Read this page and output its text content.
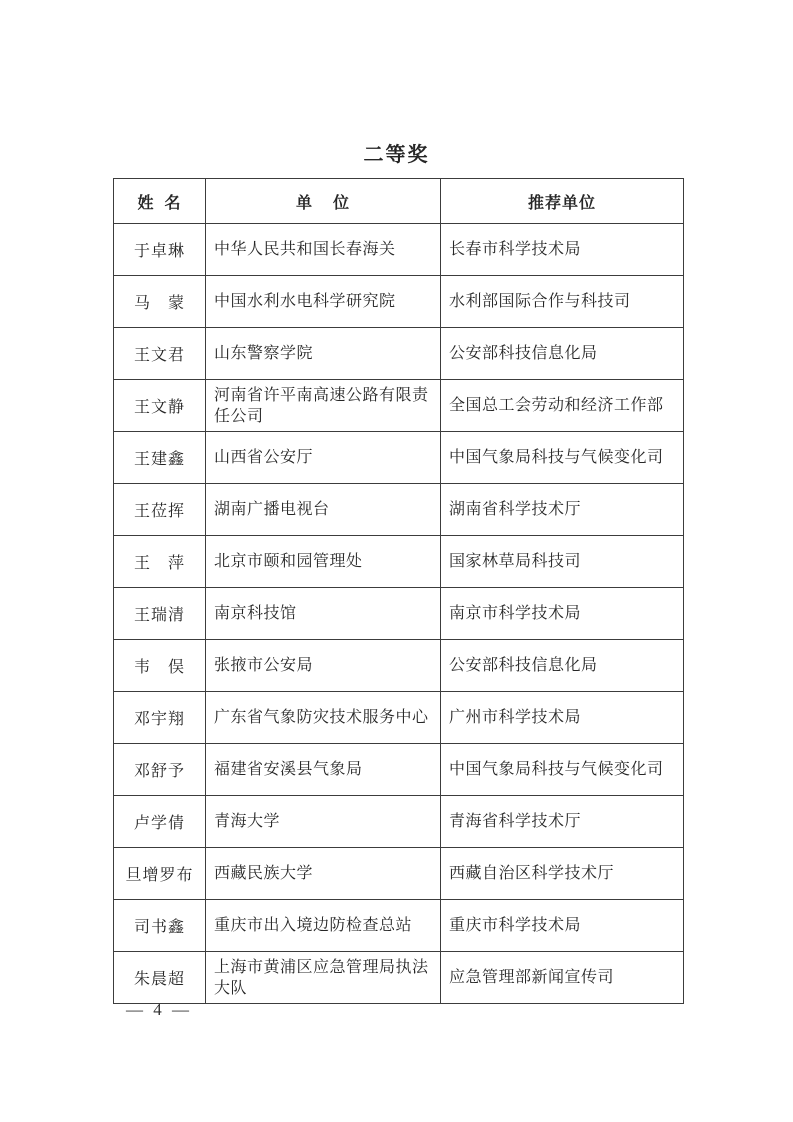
二等奖
姓  名	单    位	推荐单位
于卓琳	中华人民共和国长春海关	长春市科学技术局
马　蒙	中国水利水电科学研究院	水利部国际合作与科技司
王文君	山东警察学院	公安部科技信息化局
王文静	河南省许平南高速公路有限责任公司	全国总工会劳动和经济工作部
王建鑫	山西省公安厅	中国气象局科技与气候变化司
王莅挥	湖南广播电视台	湖南省科学技术厅
王　萍	北京市颐和园管理处	国家林草局科技司
王瑞清	南京科技馆	南京市科学技术局
韦　俣	张掖市公安局	公安部科技信息化局
邓宇翔	广东省气象防灾技术服务中心	广州市科学技术局
邓舒予	福建省安溪县气象局	中国气象局科技与气候变化司
卢学倩	青海大学	青海省科学技术厅
旦增罗布	西藏民族大学	西藏自治区科学技术厅
司书鑫	重庆市出入境边防检查总站	重庆市科学技术局
朱晨超	上海市黄浦区应急管理局执法大队	应急管理部新闻宣传司
— 4 —
